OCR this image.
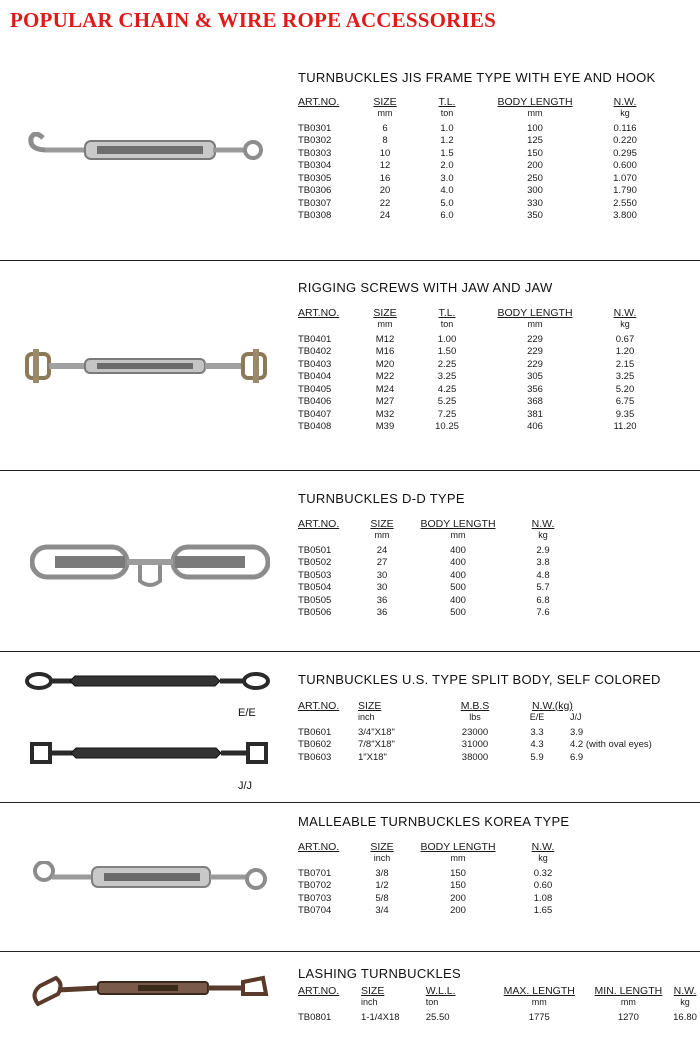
POPULAR CHAIN & WIRE ROPE ACCESSORIES
TURNBUCKLES JIS FRAME TYPE WITH EYE AND HOOK
ART.NO.	SIZE	T.L.	BODY LENGTH	N.W.
	mm	ton	mm	kg
TB0301	6	1.0	100	0.116
TB0302	8	1.2	125	0.220
TB0303	10	1.5	150	0.295
TB0304	12	2.0	200	0.600
TB0305	16	3.0	250	1.070
TB0306	20	4.0	300	1.790
TB0307	22	5.0	330	2.550
TB0308	24	6.0	350	3.800
RIGGING SCREWS WITH JAW AND JAW
ART.NO.	SIZE	T.L.	BODY LENGTH	N.W.
	mm	ton	mm	kg
TB0401	M12	1.00	229	0.67
TB0402	M16	1.50	229	1.20
TB0403	M20	2.25	229	2.15
TB0404	M22	3.25	305	3.25
TB0405	M24	4.25	356	5.20
TB0406	M27	5.25	368	6.75
TB0407	M32	7.25	381	9.35
TB0408	M39	10.25	406	11.20
TURNBUCKLES D-D TYPE
ART.NO.	SIZE	BODY LENGTH	N.W.
	mm	mm	kg
TB0501	24	400	2.9
TB0502	27	400	3.8
TB0503	30	400	4.8
TB0504	30	500	5.7
TB0505	36	400	6.8
TB0506	36	500	7.6
E/E
J/J
TURNBUCKLES U.S. TYPE SPLIT BODY, SELF COLORED
ART.NO.	SIZE	M.B.S	N.W.(kg)	
	inch	lbs	E/E	J/J
TB0601	3/4"X18"	23000	3.3	3.9
TB0602	7/8"X18"	31000	4.3	4.2 (with oval eyes)
TB0603	1"X18"	38000	5.9	6.9
MALLEABLE TURNBUCKLES KOREA TYPE
ART.NO.	SIZE	BODY LENGTH	N.W.
	inch	mm	kg
TB0701	3/8	150	0.32
TB0702	1/2	150	0.60
TB0703	5/8	200	1.08
TB0704	3/4	200	1.65
LASHING TURNBUCKLES
ART.NO.	SIZE	W.L.L.	MAX. LENGTH	MIN. LENGTH	N.W.
	inch	ton	mm	mm	kg
TB0801	1-1/4X18	25.50	1775	1270	16.80
